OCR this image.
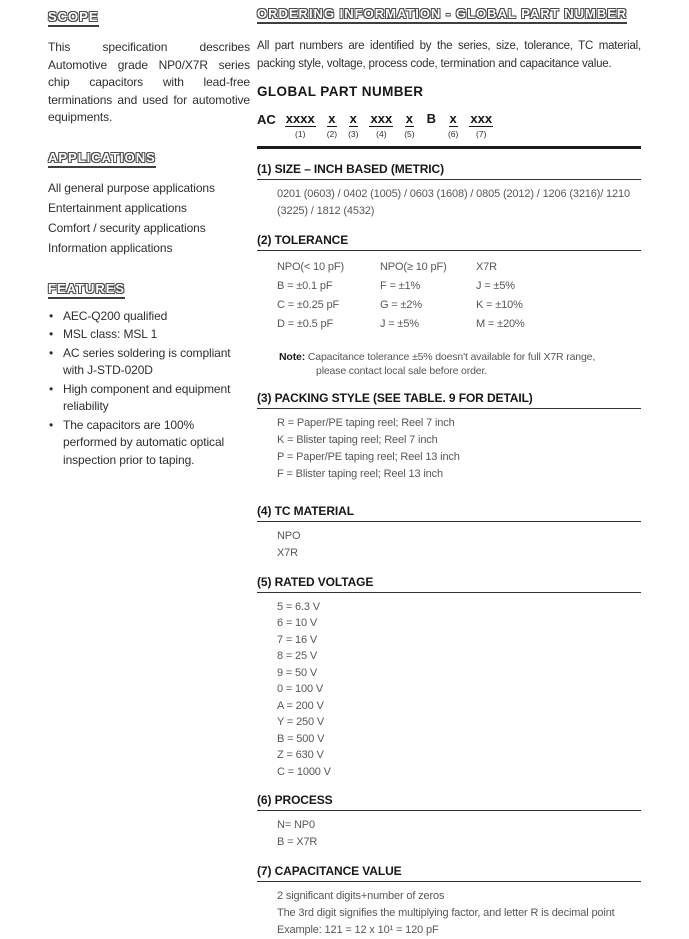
SCOPE

This specification describes Automotive grade NP0/X7R series chip capacitors with lead-free terminations and used for automotive equipments.

APPLICATIONS
All general purpose applications
Entertainment applications
Comfort / security applications
Information applications
FEATURES
• AEC-Q200 qualified
• MSL class: MSL 1
• AC series soldering is compliant with J-STD-020D
• High component and equipment reliability
• The capacitors are 100% performed by automatic optical inspection prior to taping.
ORDERING INFORMATION - GLOBAL PART NUMBER

All part numbers are identified by the series, size, tolerance, TC material, packing style, voltage, process code, termination and capacitance value.

GLOBAL PART NUMBER
AC xxxx
(1)
x
(2)
x
(3)
xxx
(4)
x
(5)
B x
(6)
xxx
(7)
(1) SIZE – INCH BASED (METRIC)
0201 (0603) / 0402 (1005) / 0603 (1608) / 0805 (2012) / 1206 (3216)/ 1210 (3225) / 1812 (4532)
(2) TOLERANCE
NPO(< 10 pF)
B = ±0.1 pF
C = ±0.25 pF
D = ±0.5 pF
NPO(≥ 10 pF)
F = ±1%
G = ±2%
J = ±5%
X7R
J = ±5%
K = ±10%
M = ±20%
Note: Capacitance tolerance ±5% doesn't available for full X7R range,
please contact local sale before order.
(3) PACKING STYLE (SEE TABLE. 9 FOR DETAIL)
R = Paper/PE taping reel; Reel 7 inch
K = Blister taping reel; Reel 7 inch
P = Paper/PE taping reel; Reel 13 inch
F = Blister taping reel; Reel 13 inch
(4) TC MATERIAL
NPO
X7R
(5) RATED VOLTAGE
5 = 6.3 V
6 = 10 V
7 = 16 V
8 = 25 V
9 = 50 V
0 = 100 V
A = 200 V
Y = 250 V
B = 500 V
Z = 630 V
C = 1000 V
(6) PROCESS
N= NP0
B = X7R
(7) CAPACITANCE VALUE
2 significant digits+number of zeros
The 3rd digit signifies the multiplying factor, and letter R is decimal point
Example: 121 = 12 x 10¹ = 120 pF
